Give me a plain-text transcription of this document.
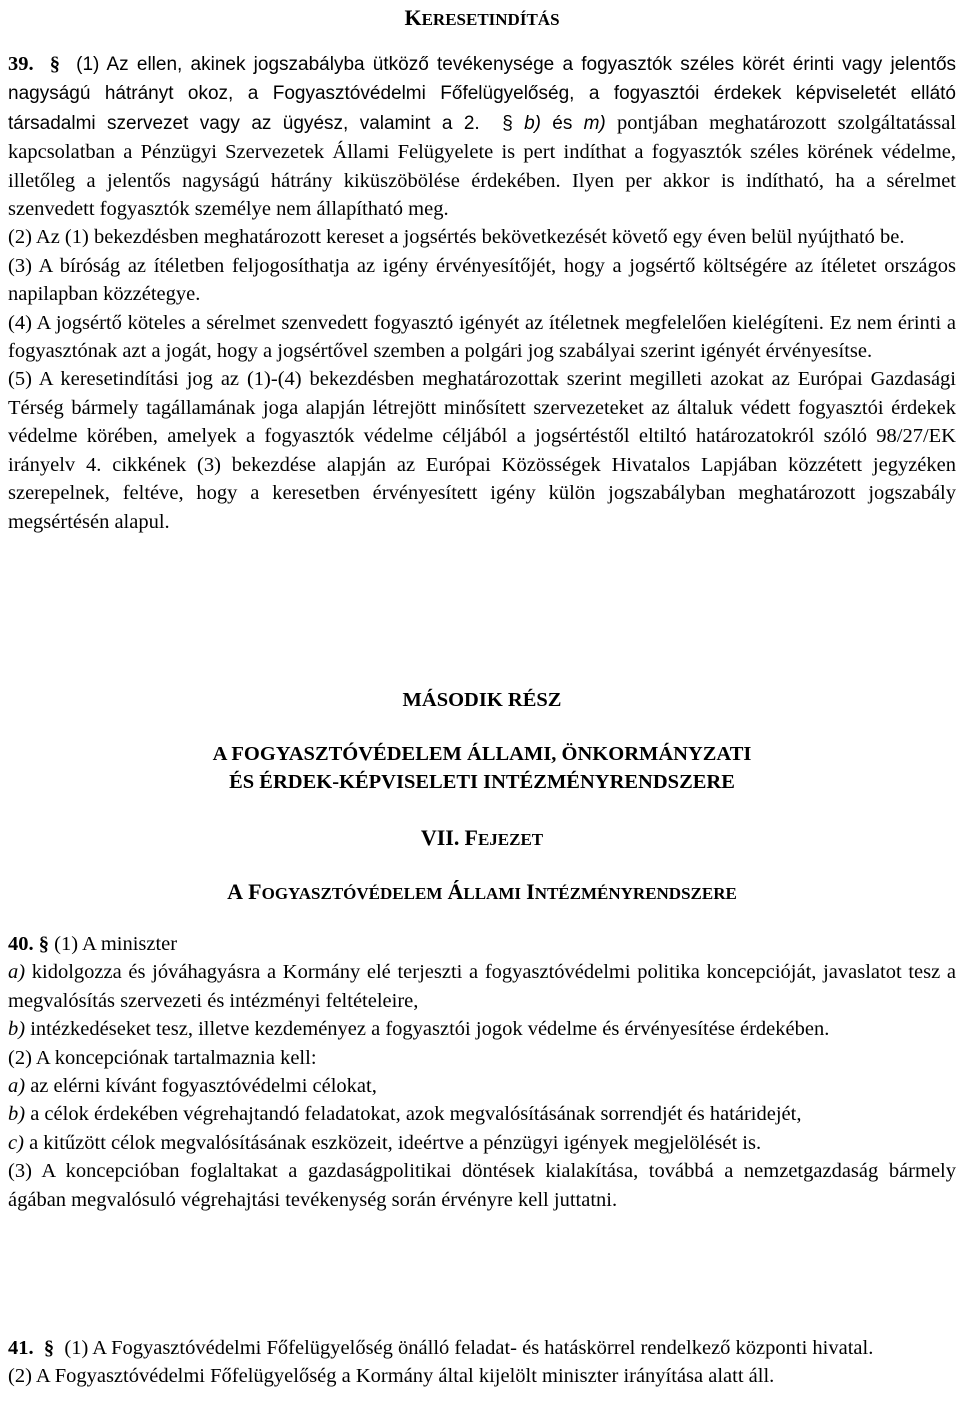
KERESETINDÍTÁS

39. § (1) Az ellen, akinek jogszabályba ütköző tevékenysége a fogyasztók széles körét érinti vagy jelentős nagyságú hátrányt okoz, a Fogyasztóvédelmi Főfelügyelőség, a fogyasztói érdekek képviseletét ellátó társadalmi szervezet vagy az ügyész, valamint a 2. § b) és m) pontjában meghatározott szolgáltatással kapcsolatban a Pénzügyi Szervezetek Állami Felügyelete is pert indíthat a fogyasztók széles körének védelme, illetőleg a jelentős nagyságú hátrány kiküszöbölése érdekében. Ilyen per akkor is indítható, ha a sérelmet szenvedett fogyasztók személye nem állapítható meg.

(2) Az (1) bekezdésben meghatározott kereset a jogsértés bekövetkezését követő egy éven belül nyújtható be.

(3) A bíróság az ítéletben feljogosíthatja az igény érvényesítőjét, hogy a jogsértő költségére az ítéletet országos napilapban közzétegye.

(4) A jogsértő köteles a sérelmet szenvedett fogyasztó igényét az ítéletnek megfelelően kielégíteni. Ez nem érinti a fogyasztónak azt a jogát, hogy a jogsértővel szemben a polgári jog szabályai szerint igényét érvényesítse.

(5) A keresetindítási jog az (1)-(4) bekezdésben meghatározottak szerint megilleti azokat az Európai Gazdasági Térség bármely tagállamának joga alapján létrejött minősített szervezeteket az általuk védett fogyasztói érdekek védelme körében, amelyek a fogyasztók védelme céljából a jogsértéstől eltiltó határozatokról szóló 98/27/EK irányelv 4. cikkének (3) bekezdése alapján az Európai Közösségek Hivatalos Lapjában közzétett jegyzéken szerepelnek, feltéve, hogy a keresetben érvényesített igény külön jogszabályban meghatározott jogszabály megsértésén alapul.

MÁSODIK RÉSZ
A FOGYASZTÓVÉDELEM ÁLLAMI, ÖNKORMÁNYZATI
ÉS ÉRDEK-KÉPVISELETI INTÉZMÉNYRENDSZERE
VII. FEJEZET
A FOGYASZTÓVÉDELEM ÁLLAMI INTÉZMÉNYRENDSZERE

40. § (1) A miniszter

a) kidolgozza és jóváhagyásra a Kormány elé terjeszti a fogyasztóvédelmi politika koncepcióját, javaslatot tesz a megvalósítás szervezeti és intézményi feltételeire,

b) intézkedéseket tesz, illetve kezdeményez a fogyasztói jogok védelme és érvényesítése érdekében.

(2) A koncepciónak tartalmaznia kell:

a) az elérni kívánt fogyasztóvédelmi célokat,

b) a célok érdekében végrehajtandó feladatokat, azok megvalósításának sorrendjét és határidejét,

c) a kitűzött célok megvalósításának eszközeit, ideértve a pénzügyi igények megjelölését is.

(3) A koncepcióban foglaltakat a gazdaságpolitikai döntések kialakítása, továbbá a nemzetgazdaság bármely ágában megvalósuló végrehajtási tevékenység során érvényre kell juttatni.

41. § (1) A Fogyasztóvédelmi Főfelügyelőség önálló feladat- és hatáskörrel rendelkező központi hivatal.

(2) A Fogyasztóvédelmi Főfelügyelőség a Kormány által kijelölt miniszter irányítása alatt áll.
